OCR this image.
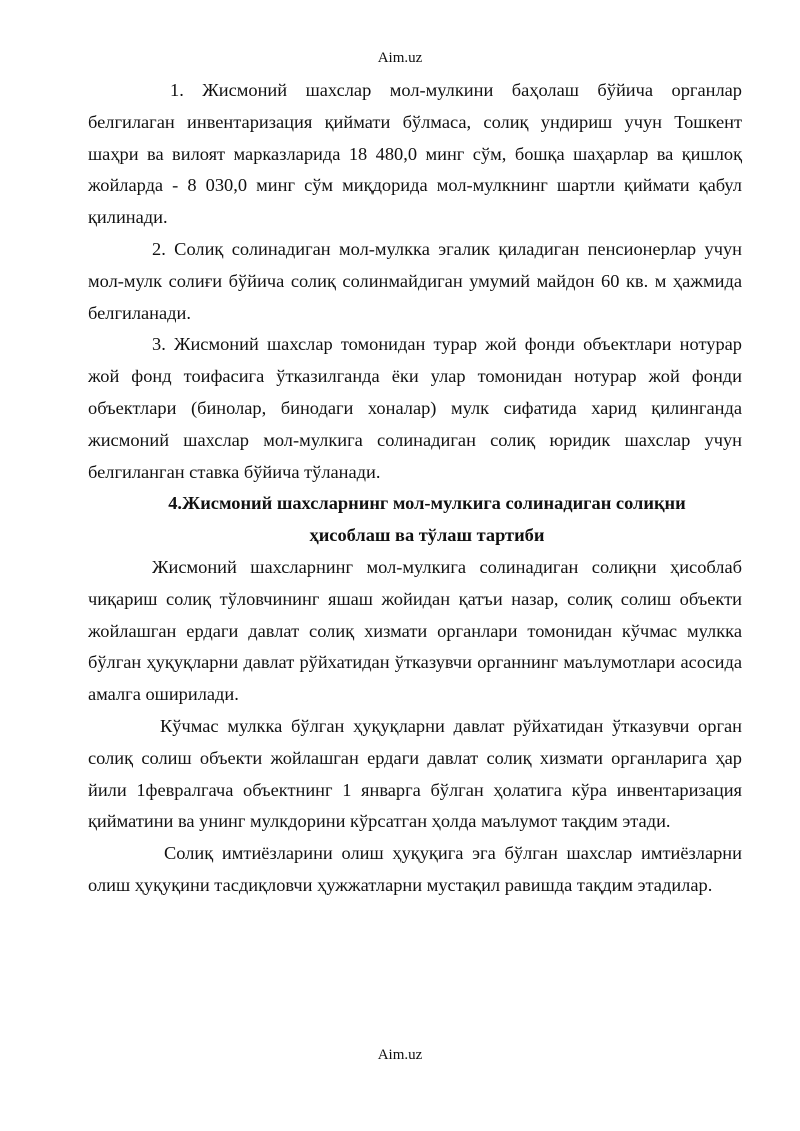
Aim.uz

1. Жисмоний шахслар мол-мулкини баҳолаш бўйича органлар белгилаган инвентаризация қиймати бўлмаса, солиқ ундириш учун Тошкент шаҳри ва вилоят марказларида 18 480,0 минг сўм, бошқа шаҳарлар ва қишлоқ жойларда - 8 030,0 минг сўм миқдорида мол-мулкнинг шартли қиймати қабул қилинади.

2. Солиқ солинадиган мол-мулкка эгалик қиладиган пенсионерлар учун мол-мулк солиғи бўйича солиқ солинмайдиган умумий майдон 60 кв. м ҳажмида белгиланади.

3. Жисмоний шахслар томонидан турар жой фонди объектлари нотурар жой фонд тоифасига ўтказилганда ёки улар томонидан нотурар жой фонди объектлари (бинолар, бинодаги хоналар) мулк сифатида харид қилинганда жисмоний шахслар мол-мулкига солинадиган солиқ юридик шахслар учун белгиланган ставка бўйича тўланади.

4.Жисмоний шахсларнинг мол-мулкига солинадиган солиқни
ҳисоблаш ва тўлаш тартиби

Жисмоний шахсларнинг мол-мулкига солинадиган солиқни ҳисоблаб чиқариш солиқ тўловчининг яшаш жойидан қатъи назар, солиқ солиш объекти жойлашган ердаги давлат солиқ хизмати органлари томонидан кўчмас мулкка бўлган ҳуқуқларни давлат рўйхатидан ўтказувчи органнинг маълумотлари асосида амалга оширилади.

Кўчмас мулкка бўлган ҳуқуқларни давлат рўйхатидан ўтказувчи орган солиқ солиш объекти жойлашган ердаги давлат солиқ хизмати органларига ҳар йили 1февралгача объектнинг 1 январга бўлган ҳолатига кўра инвентаризация қийматини ва унинг мулкдорини кўрсатган ҳолда маълумот тақдим этади.

Солиқ имтиёзларини олиш ҳуқуқига эга бўлган шахслар имтиёзларни олиш ҳуқуқини тасдиқловчи ҳужжатларни мустақил равишда тақдим этадилар.

Aim.uz
